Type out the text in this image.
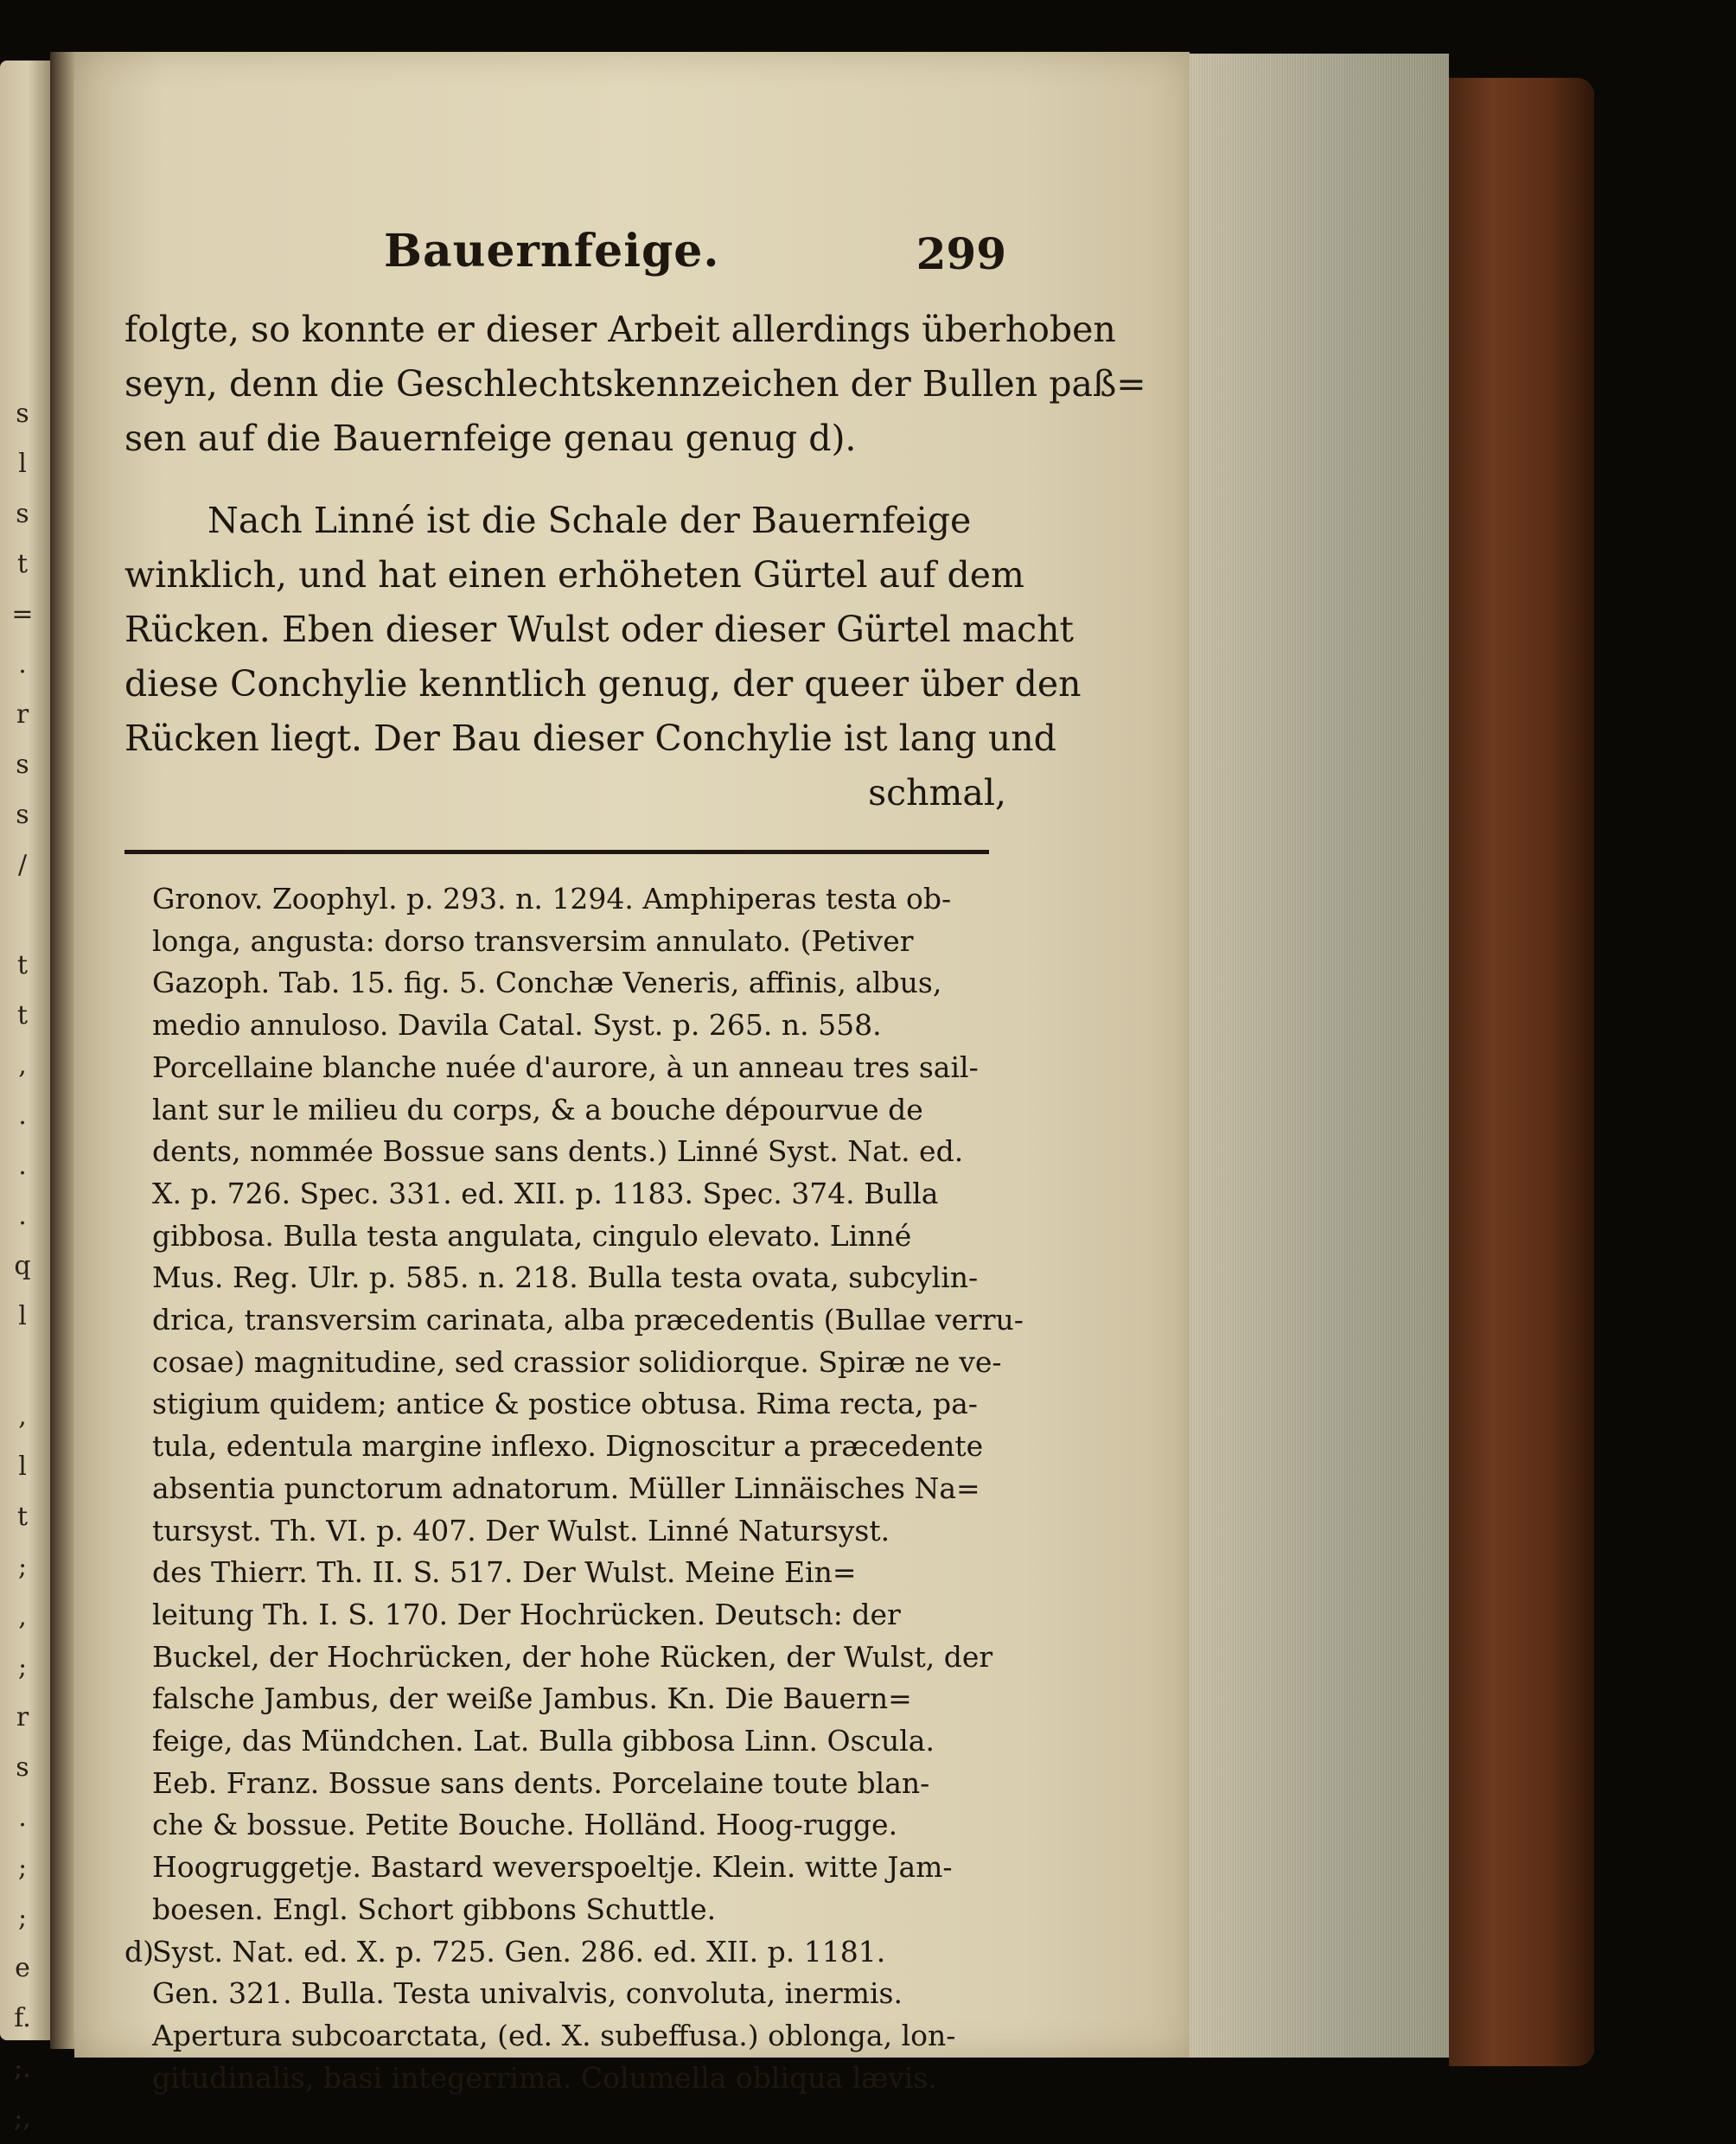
s
l
s
t
=
.
r
s
s
/

t
t
,
.
.
.
q
l

,
l
t
;
,
;
r
s
.
;
;
e
f.
;.
;,
Bauernfeige.	299

folgte, so konnte er dieser Arbeit allerdings überhoben
seyn, denn die Geschlechtskennzeichen der Bullen paß=
sen auf die Bauernfeige genau genug d).

Nach Linné ist die Schale der Bauernfeige
winklich, und hat einen erhöheten Gürtel auf dem
Rücken. Eben dieser Wulst oder dieser Gürtel macht
diese Conchylie kenntlich genug, der queer über den
Rücken liegt. Der Bau dieser Conchylie ist lang und
schmal,

Gronov. Zoophyl. p. 293. n. 1294. Amphiperas testa ob-
longa, angusta: dorso transversim annulato. (Petiver
Gazoph. Tab. 15. fig. 5. Conchæ Veneris, affinis, albus,
medio annuloso. Davila Catal. Syst. p. 265. n. 558.
Porcellaine blanche nuée d'aurore, à un anneau tres sail-
lant sur le milieu du corps, & a bouche dépourvue de
dents, nommée Bossue sans dents.) Linné Syst. Nat. ed.
X. p. 726. Spec. 331. ed. XII. p. 1183. Spec. 374. Bulla
gibbosa. Bulla testa angulata, cingulo elevato. Linné
Mus. Reg. Ulr. p. 585. n. 218. Bulla testa ovata, subcylin-
drica, transversim carinata, alba præcedentis (Bullae verru-
cosae) magnitudine, sed crassior solidiorque. Spiræ ne ve-
stigium quidem; antice & postice obtusa. Rima recta, pa-
tula, edentula margine inflexo. Dignoscitur a præcedente
absentia punctorum adnatorum. Müller Linnäisches Na=
tursyst. Th. VI. p. 407. Der Wulst. Linné Natursyst.
des Thierr. Th. II. S. 517. Der Wulst. Meine Ein=
leitung Th. I. S. 170. Der Hochrücken. Deutsch: der
Buckel, der Hochrücken, der hohe Rücken, der Wulst, der
falsche Jambus, der weiße Jambus. Kn. Die Bauern=
feige, das Mündchen. Lat. Bulla gibbosa Linn. Oscula.
Eeb. Franz. Bossue sans dents. Porcelaine toute blan-
che & bossue. Petite Bouche. Holländ. Hoog-rugge.
Hoogruggetje. Bastard weverspoeltje. Klein. witte Jam-
boesen. Engl. Schort gibbons Schuttle.
d)Syst. Nat. ed. X. p. 725. Gen. 286. ed. XII. p. 1181.
Gen. 321. Bulla. Testa univalvis, convoluta, inermis.
Apertura subcoarctata, (ed. X. subeffusa.) oblonga, lon-
gitudinalis, basi integerrima. Columella obliqua lævis.
